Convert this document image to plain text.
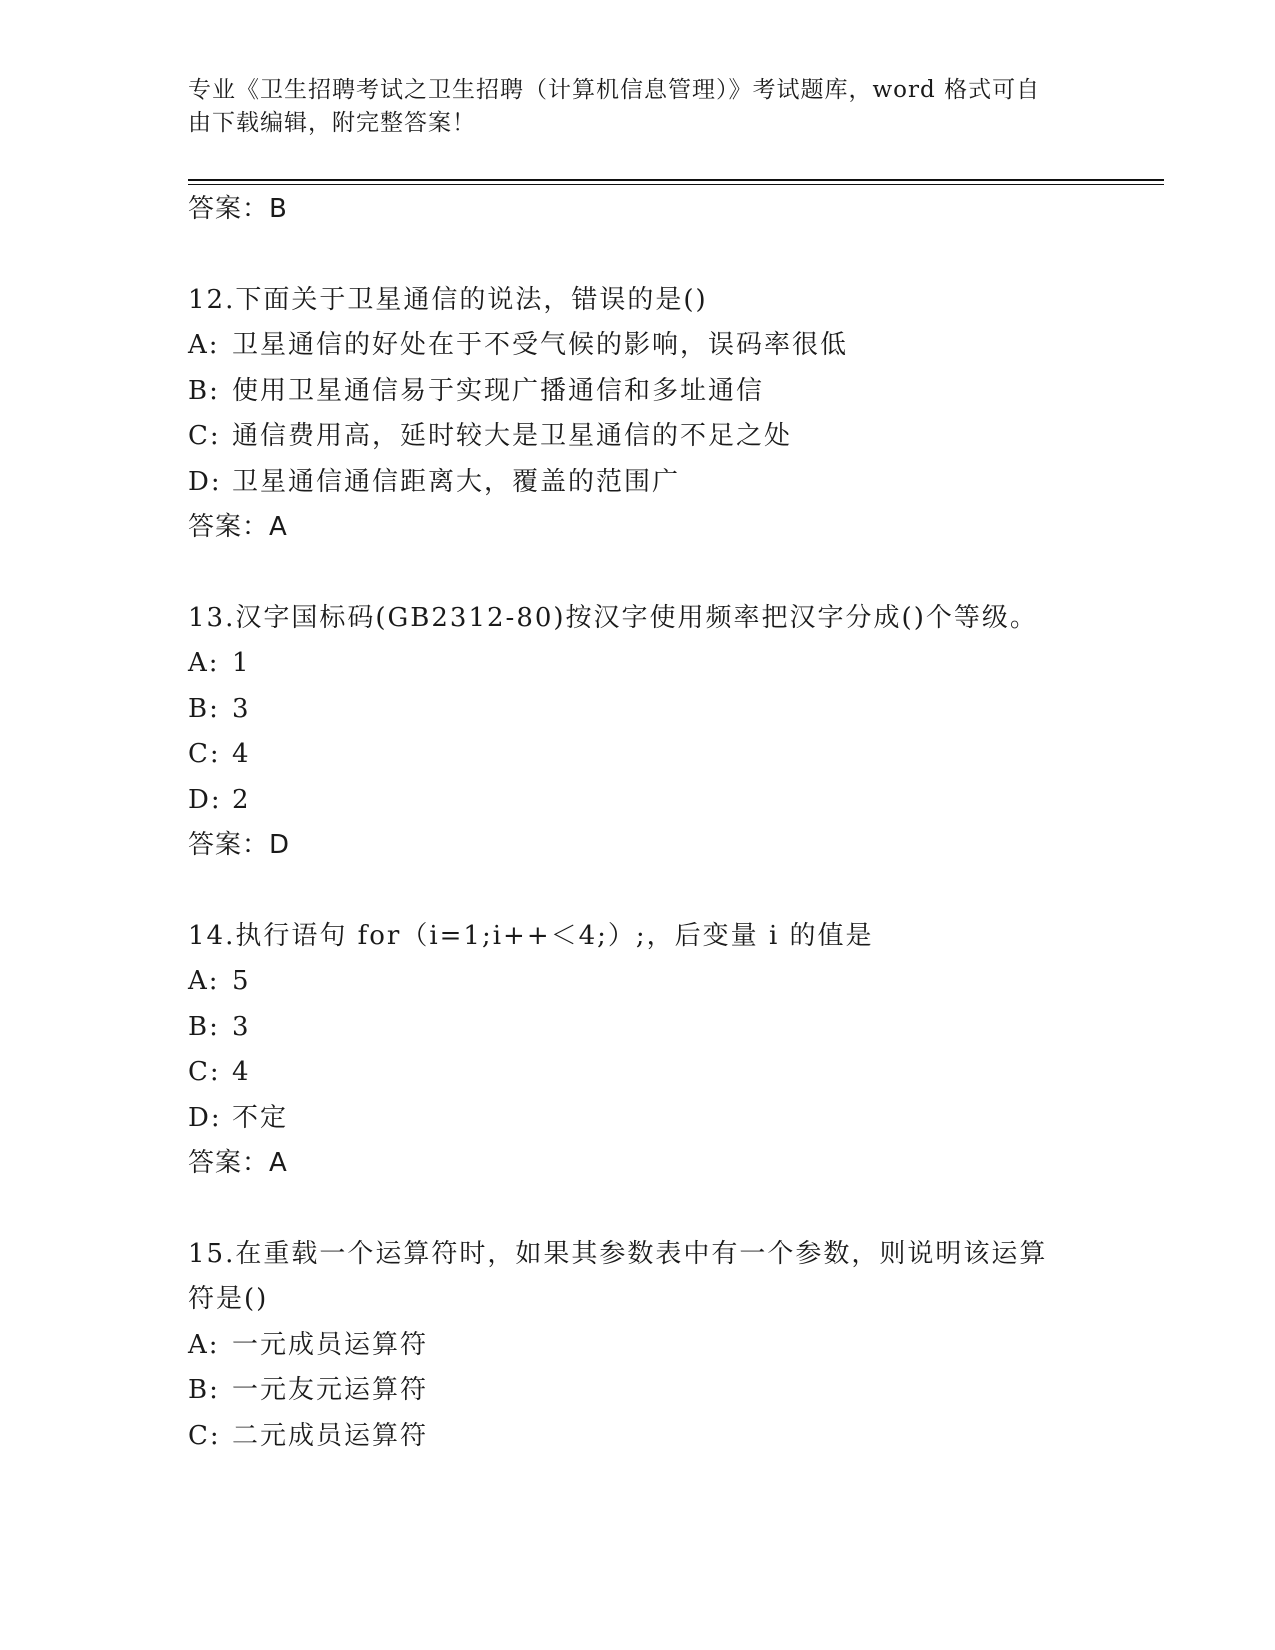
专业《卫生招聘考试之卫生招聘（计算机信息管理）》考试题库，word 格式可自
由下载编辑，附完整答案！
答案：B
12.下面关于卫星通信的说法，错误的是()
A: 卫星通信的好处在于不受气候的影响，误码率很低
B: 使用卫星通信易于实现广播通信和多址通信
C: 通信费用高，延时较大是卫星通信的不足之处
D: 卫星通信通信距离大，覆盖的范围广
答案：A
13.汉字国标码(GB2312-80)按汉字使用频率把汉字分成()个等级。
A: 1
B: 3
C: 4
D: 2
答案：D
14.执行语句 for（i=1;i++＜4;）;，后变量 i 的值是
A: 5
B: 3
C: 4
D: 不定
答案：A
15.在重载一个运算符时，如果其参数表中有一个参数，则说明该运算
符是()
A: 一元成员运算符
B: 一元友元运算符
C: 二元成员运算符
